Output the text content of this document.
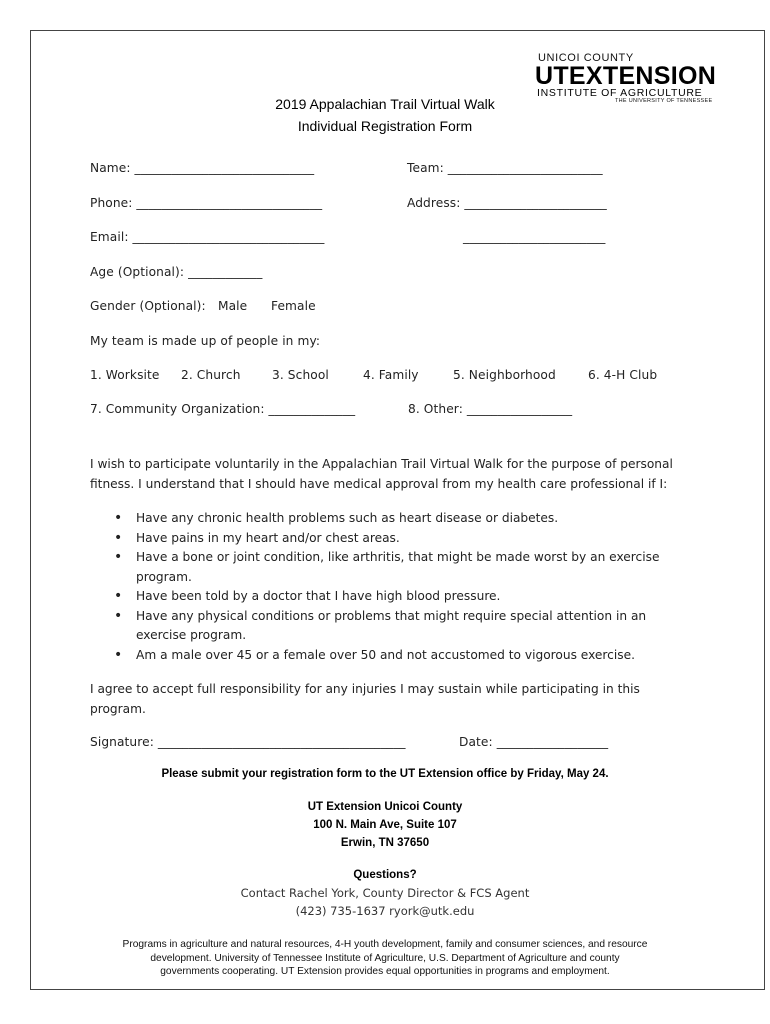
UNICOI COUNTY
UTEXTENSION
INSTITUTE OF AGRICULTURE
THE UNIVERSITY OF TENNESSEE
2019 Appalachian Trail Virtual Walk
Individual Registration Form
Name: _____________________________	Team: _________________________
Phone: ______________________________	Address: _______________________
Email: _______________________________	_______________________
Age (Optional): ____________
Gender (Optional): Male Female
My team is made up of people in my:
1. Worksite 2. Church	3. School	4. Family	5. Neighborhood	6. 4-H Club
7. Community Organization: ______________	8. Other: _________________
I wish to participate voluntarily in the Appalachian Trail Virtual Walk for the purpose of personal
fitness. I understand that I should have medical approval from my health care professional if I:
• Have any chronic health problems such as heart disease or diabetes.
• Have pains in my heart and/or chest areas.
• Have a bone or joint condition, like arthritis, that might be made worst by an exercise program.
• Have been told by a doctor that I have high blood pressure.
• Have any physical conditions or problems that might require special attention in an exercise program.
• Am a male over 45 or a female over 50 and not accustomed to vigorous exercise.
I agree to accept full responsibility for any injuries I may sustain while participating in this
program.
Signature: ________________________________________	Date: __________________
Please submit your registration form to the UT Extension office by Friday, May 24.
UT Extension Unicoi County
100 N. Main Ave, Suite 107
Erwin, TN 37650
Questions?
Contact Rachel York, County Director & FCS Agent
(423) 735-1637 ryork@utk.edu
Programs in agriculture and natural resources, 4-H youth development, family and consumer sciences, and resource
development. University of Tennessee Institute of Agriculture, U.S. Department of Agriculture and county
governments cooperating. UT Extension provides equal opportunities in programs and employment.
